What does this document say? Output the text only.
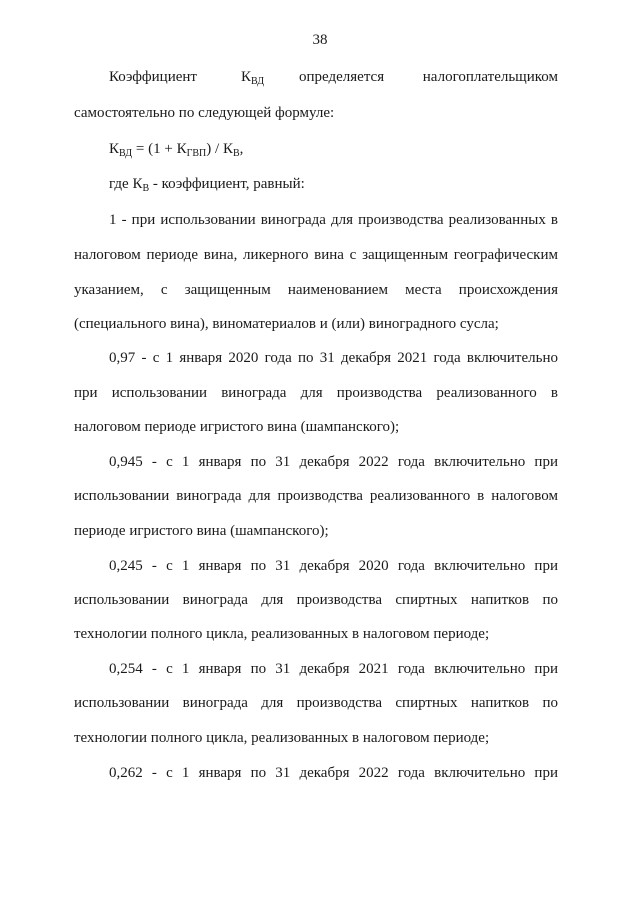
38
Коэффициент	$К_{ВД}$ определяется	налогоплательщиком
самостоятельно по следующей формуле:
$К_{ВД} = (1 + К_{ГВП}) / К_В$,
где $К_В$ - коэффициент, равный:
1 - при использовании винограда для производства реализованных в
налоговом периоде вина, ликерного вина с защищенным географическим
указанием, с защищенным наименованием места происхождения
(специального вина), виноматериалов и (или) виноградного сусла;
0,97 - с 1 января 2020 года по 31 декабря 2021 года включительно
при использовании винограда для производства реализованного в
налоговом периоде игристого вина (шампанского);
0,945 - с 1 января по 31 декабря 2022 года включительно при
использовании винограда для производства реализованного в налоговом
периоде игристого вина (шампанского);
0,245 - с 1 января по 31 декабря 2020 года включительно при
использовании винограда для производства спиртных напитков по
технологии полного цикла, реализованных в налоговом периоде;
0,254 - с 1 января по 31 декабря 2021 года включительно при
использовании винограда для производства спиртных напитков по
технологии полного цикла, реализованных в налоговом периоде;
0,262 - с 1 января по 31 декабря 2022 года включительно при
